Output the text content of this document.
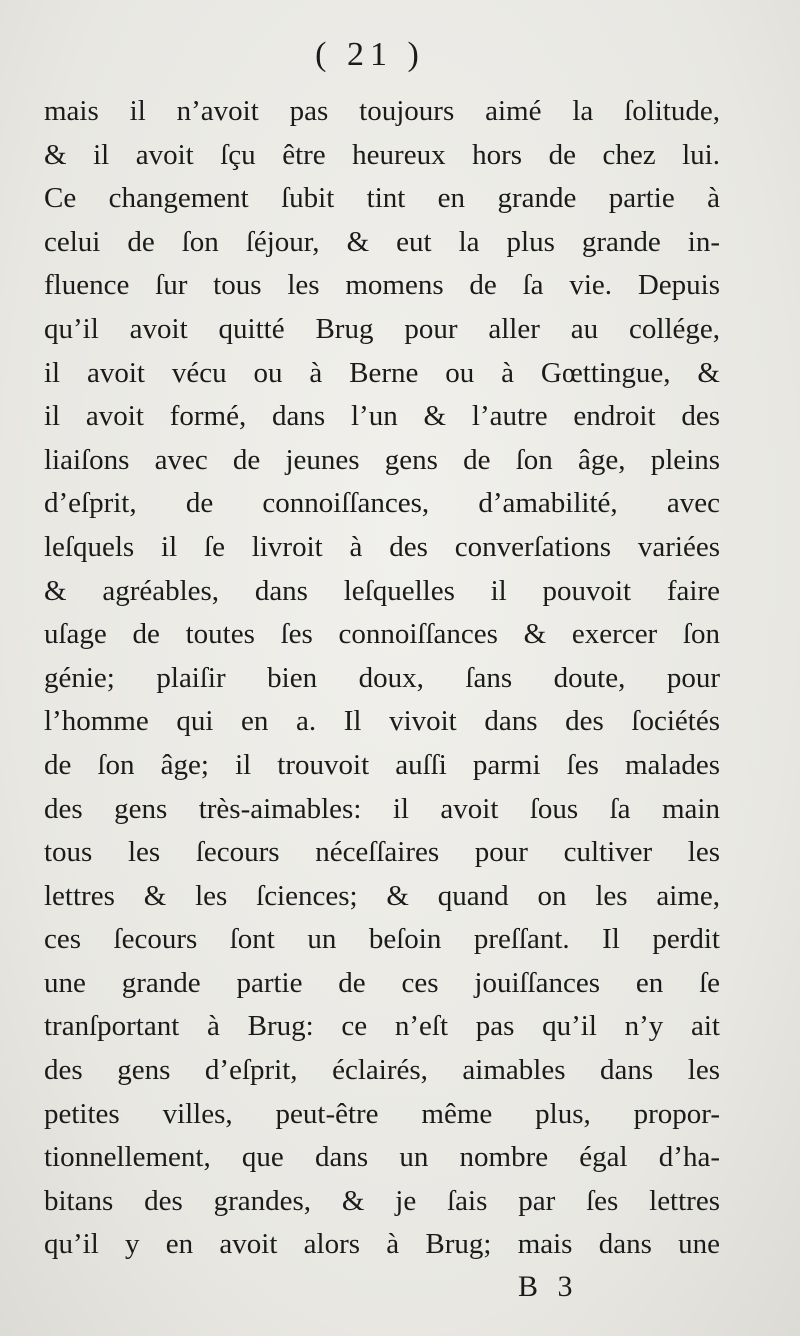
( 21 )
mais il n’avoit pas toujours aimé la ſolitude,
& il avoit ſçu être heureux hors de chez lui.
Ce changement ſubit tint en grande partie à
celui de ſon ſéjour, & eut la plus grande in-
fluence ſur tous les momens de ſa vie. Depuis
qu’il avoit quitté Brug pour aller au collége,
il avoit vécu ou à Berne ou à Gœttingue, &
il avoit formé, dans l’un & l’autre endroit des
liaiſons avec de jeunes gens de ſon âge, pleins
d’eſprit, de connoiſſances, d’amabilité, avec
leſquels il ſe livroit à des converſations variées
& agréables, dans leſquelles il pouvoit faire
uſage de toutes ſes connoiſſances & exercer ſon
génie; plaiſir bien doux, ſans doute, pour
l’homme qui en a. Il vivoit dans des ſociétés
de ſon âge; il trouvoit auſſi parmi ſes malades
des gens très-aimables: il avoit ſous ſa main
tous les ſecours néceſſaires pour cultiver les
lettres & les ſciences; & quand on les aime,
ces ſecours ſont un beſoin preſſant. Il perdit
une grande partie de ces jouiſſances en ſe
tranſportant à Brug: ce n’eſt pas qu’il n’y ait
des gens d’eſprit, éclairés, aimables dans les
petites villes, peut-être même plus, propor-
tionnellement, que dans un nombre égal d’ha-
bitans des grandes, & je ſais par ſes lettres
qu’il y en avoit alors à Brug; mais dans une
B 3
